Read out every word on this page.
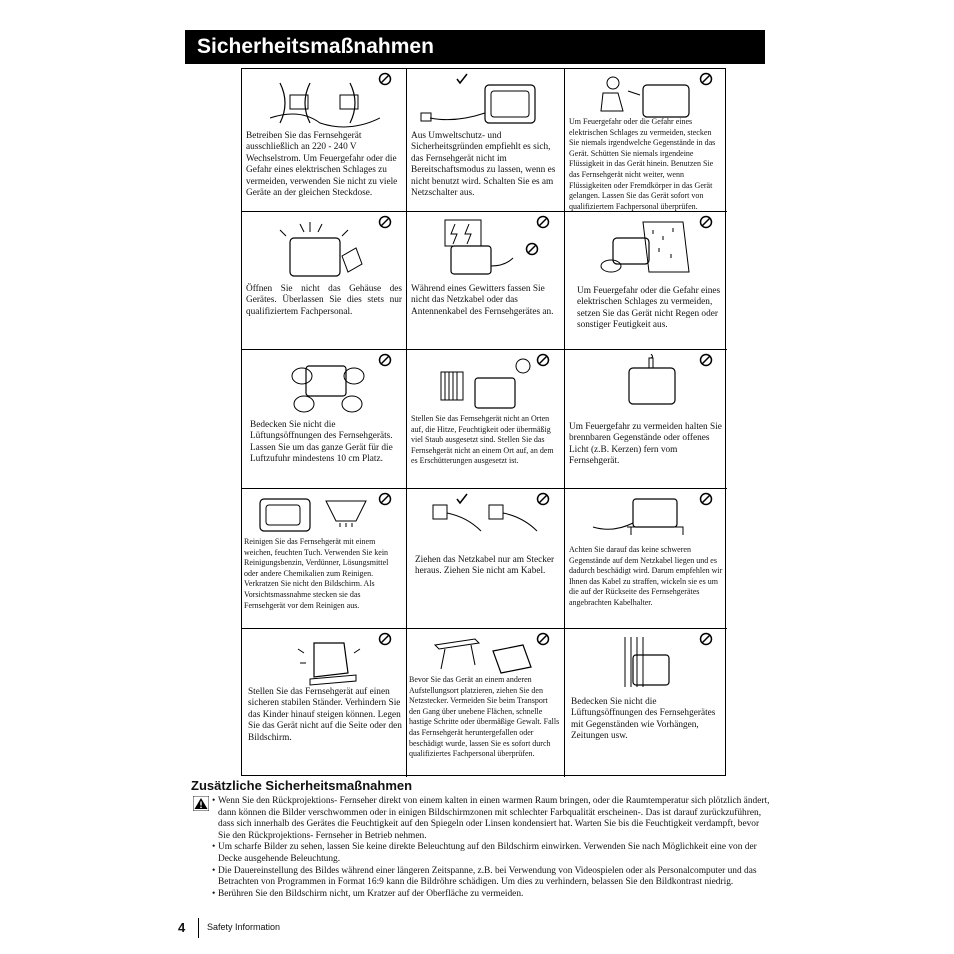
Sicherheitsmaßnahmen
Betreiben Sie das Fernsehgerät ausschließlich an 220 - 240 V Wechselstrom. Um Feuergefahr oder die Gefahr eines elektrischen Schlages zu vermeiden, verwenden Sie nicht zu viele Geräte an der gleichen Steckdose.
Aus Umweltschutz- und Sicherheitsgründen empfiehlt es sich, das Fernsehgerät nicht im Bereitschaftsmodus zu lassen, wenn es nicht benutzt wird. Schalten Sie es am Netzschalter aus.
Um Feuergefahr oder die Gefahr eines elektrischen Schlages zu vermeiden, stecken Sie niemals irgendwelche Gegenstände in das Gerät. Schütten Sie niemals irgendeine Flüssigkeit in das Gerät hinein. Benutzen Sie das Fernsehgerät nicht weiter, wenn Flüssigkeiten oder Fremdkörper in das Gerät gelangen. Lassen Sie das Gerät sofort von qualifiziertem Fachpersonal überprüfen.
Öffnen Sie nicht das Gehäuse des Gerätes. Überlassen Sie dies stets nur qualifiziertem Fachpersonal.
Während eines Gewitters fassen Sie nicht das Netzkabel oder das Antennenkabel des Fernsehgerätes an.
Um Feuergefahr oder die Gefahr eines elektrischen Schlages zu vermeiden, setzen Sie das Gerät nicht Regen oder sonstiger Feutigkeit aus.
Bedecken Sie nicht die Lüftungsöffnungen des Fernsehgeräts. Lassen Sie um das ganze Gerät für die Luftzufuhr mindestens 10 cm Platz.
Stellen Sie das Fernsehgerät nicht an Orten auf, die Hitze, Feuchtigkeit oder übermäßig viel Staub ausgesetzt sind. Stellen Sie das Fernsehgerät nicht an einem Ort auf, an dem es Erschütterungen ausgesetzt ist.
Um Feuergefahr zu vermeiden halten Sie brennbaren Gegenstände oder offenes Licht (z.B. Kerzen) fern vom Fernsehgerät.
Reinigen Sie das Fernsehgerät mit einem weichen, feuchten Tuch. Verwenden Sie kein Reinigungsbenzin, Verdünner, Lösungsmittel oder andere Chemikalien zum Reinigen. Verkratzen Sie nicht den Bildschirm. Als Vorsichtsmassnahme stecken sie das Fernsehgerät vor dem Reinigen aus.
Ziehen das Netzkabel nur am Stecker heraus. Ziehen Sie nicht am Kabel.
Achten Sie darauf das keine schweren Gegenstände auf dem Netzkabel liegen und es dadurch beschädigt wird. Darum empfehlen wir Ihnen das Kabel zu straffen, wickeln sie es um die auf der Rückseite des Fernsehgerätes angebrachten Kabelhalter.
Stellen Sie das Fernsehgerät auf einen sicheren stabilen Ständer. Verhindern Sie das Kinder hinauf steigen können. Legen Sie das Gerät nicht auf die Seite oder den Bildschirm.
Bevor Sie das Gerät an einem anderen Aufstellungsort platzieren, ziehen Sie den Netzstecker. Vermeiden Sie beim Transport den Gang über unebene Flächen, schnelle hastige Schritte oder übermäßige Gewalt. Falls das Fernsehgerät heruntergefallen oder beschädigt wurde, lassen Sie es sofort durch qualifiziertes Fachpersonal überprüfen.
Bedecken Sie nicht die Lüftungsöffnungen des Fernsehgerätes mit Gegenständen wie Vorhängen, Zeitungen usw.
Zusätzliche Sicherheitsmaßnahmen
• Wenn Sie den Rückprojektions- Fernseher direkt von einem kalten in einen warmen Raum bringen, oder die Raumtemperatur sich plötzlich ändert, dann können die Bilder verschwommen oder in einigen Bildschirmzonen mit schlechter Farbqualität erscheinen-. Das ist darauf zurückzuführen, dass sich innerhalb des Gerätes die Feuchtigkeit auf den Spiegeln oder Linsen kondensiert hat. Warten Sie bis die Feuchtigkeit verdampft, bevor Sie den Rückprojektions- Fernseher in Betrieb nehmen.
• Um scharfe Bilder zu sehen, lassen Sie keine direkte Beleuchtung auf den Bildschirm einwirken. Verwenden Sie nach Möglichkeit eine von der Decke ausgehende Beleuchtung.
• Die Dauereinstellung des Bildes während einer längeren Zeitspanne, z.B. bei Verwendung von Videospielen oder als Personalcomputer und das Betrachten von Programmen in Format 16:9 kann die Bildröhre schädigen. Um dies zu verhindern, belassen Sie den Bildkontrast niedrig.
• Berühren Sie den Bildschirm nicht, um Kratzer auf der Oberfläche zu vermeiden.
4 Safety Information
